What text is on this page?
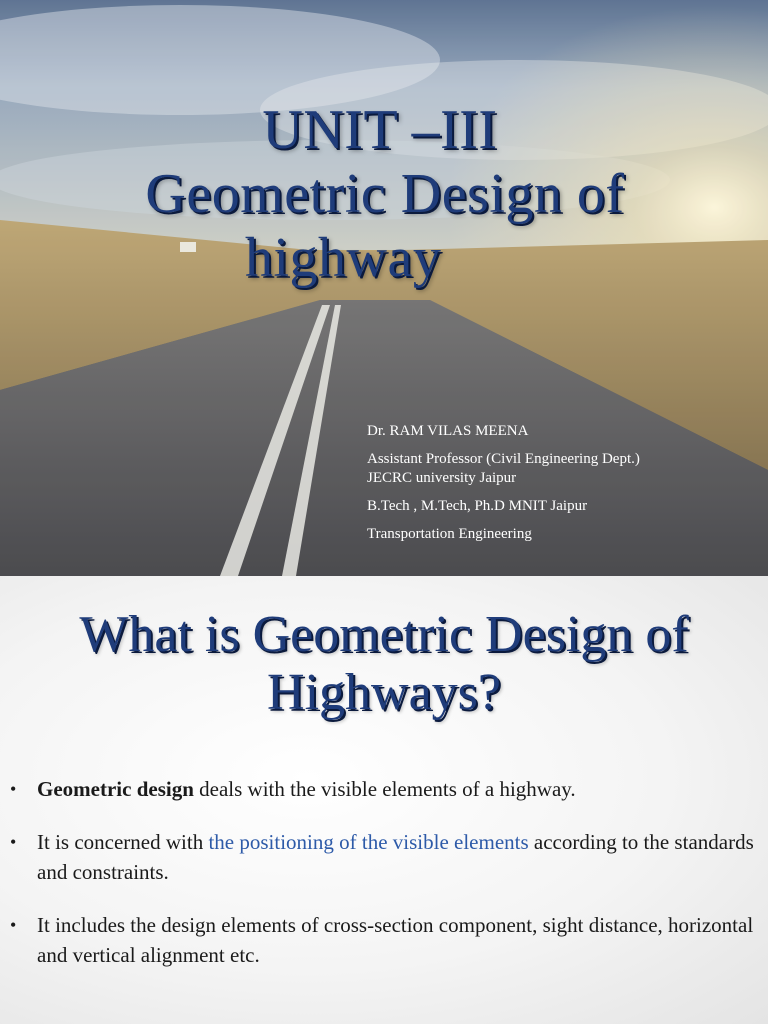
UNIT –III
Geometric Design of
highway
Dr. RAM VILAS MEENA
Assistant Professor (Civil Engineering Dept.)
JECRC university Jaipur
B.Tech , M.Tech, Ph.D MNIT Jaipur
Transportation Engineering
What is Geometric Design of
Highways?
• Geometric design deals with the visible elements of a highway.
• It is concerned with the positioning of the visible elements according to the standards and constraints.
• It includes the design elements of cross-section component, sight distance, horizontal and vertical alignment etc.
